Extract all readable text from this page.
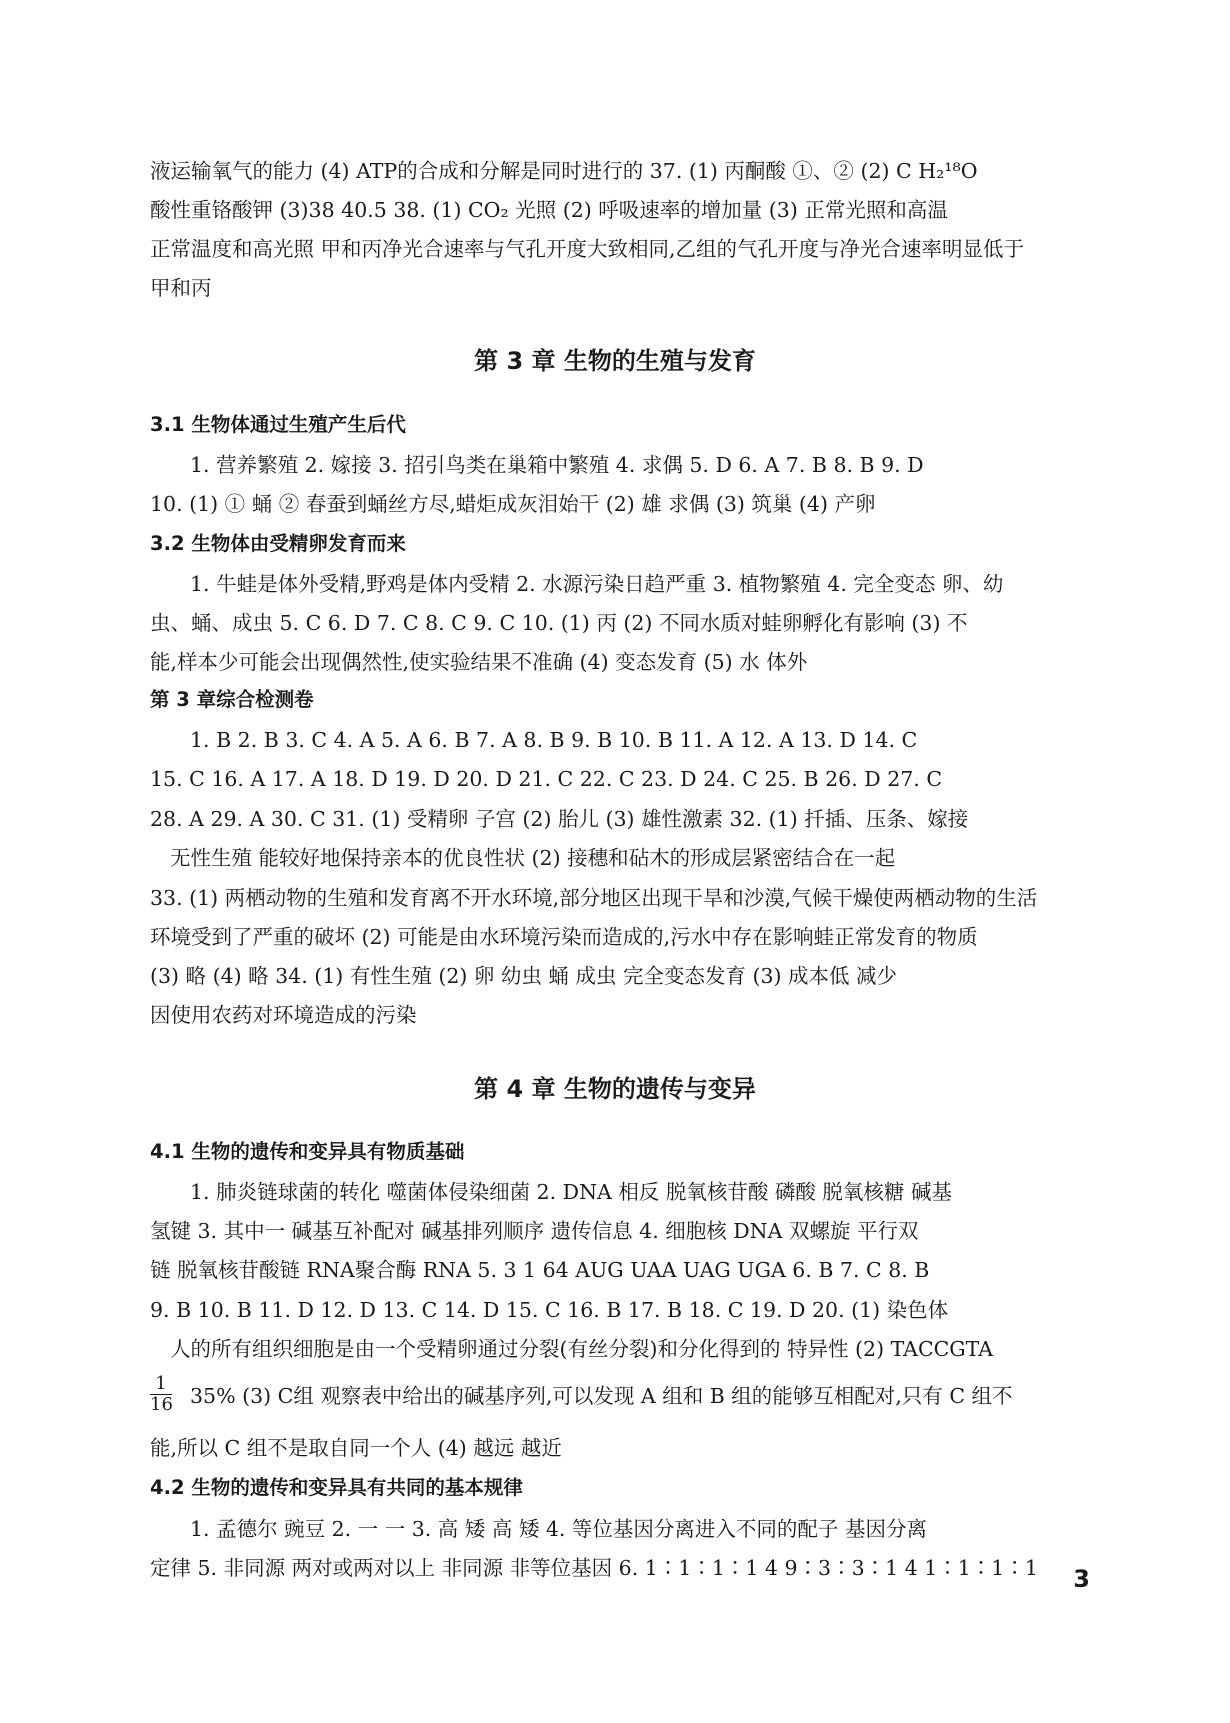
液运输氧气的能力 (4) ATP的合成和分解是同时进行的 37. (1) 丙酮酸 ①、② (2) C H₂¹⁸O
酸性重铬酸钾 (3)38 40.5 38. (1) CO₂ 光照 (2) 呼吸速率的增加量 (3) 正常光照和高温
正常温度和高光照 甲和丙净光合速率与气孔开度大致相同,乙组的气孔开度与净光合速率明显低于
甲和丙
第 3 章 生物的生殖与发育
3.1 生物体通过生殖产生后代
1. 营养繁殖 2. 嫁接 3. 招引鸟类在巢箱中繁殖 4. 求偶 5. D 6. A 7. B 8. B 9. D
10. (1) ① 蛹 ② 春蚕到蛹丝方尽,蜡炬成灰泪始干 (2) 雄 求偶 (3) 筑巢 (4) 产卵
3.2 生物体由受精卵发育而来
1. 牛蛙是体外受精,野鸡是体内受精 2. 水源污染日趋严重 3. 植物繁殖 4. 完全变态 卵、幼
虫、蛹、成虫 5. C 6. D 7. C 8. C 9. C 10. (1) 丙 (2) 不同水质对蛙卵孵化有影响 (3) 不
能,样本少可能会出现偶然性,使实验结果不准确 (4) 变态发育 (5) 水 体外
第 3 章综合检测卷
1. B 2. B 3. C 4. A 5. A 6. B 7. A 8. B 9. B 10. B 11. A 12. A 13. D 14. C
15. C 16. A 17. A 18. D 19. D 20. D 21. C 22. C 23. D 24. C 25. B 26. D 27. C
28. A 29. A 30. C 31. (1) 受精卵 子宫 (2) 胎儿 (3) 雄性激素 32. (1) 扦插、压条、嫁接
无性生殖 能较好地保持亲本的优良性状 (2) 接穗和砧木的形成层紧密结合在一起
33. (1) 两栖动物的生殖和发育离不开水环境,部分地区出现干旱和沙漠,气候干燥使两栖动物的生活
环境受到了严重的破坏 (2) 可能是由水环境污染而造成的,污水中存在影响蛙正常发育的物质
(3) 略 (4) 略 34. (1) 有性生殖 (2) 卵 幼虫 蛹 成虫 完全变态发育 (3) 成本低 减少
因使用农药对环境造成的污染
第 4 章 生物的遗传与变异
4.1 生物的遗传和变异具有物质基础
1. 肺炎链球菌的转化 噬菌体侵染细菌 2. DNA 相反 脱氧核苷酸 磷酸 脱氧核糖 碱基
氢键 3. 其中一 碱基互补配对 碱基排列顺序 遗传信息 4. 细胞核 DNA 双螺旋 平行双
链 脱氧核苷酸链 RNA聚合酶 RNA 5. 3 1 64 AUG UAA UAG UGA 6. B 7. C 8. B
9. B 10. B 11. D 12. D 13. C 14. D 15. C 16. B 17. B 18. C 19. D 20. (1) 染色体
人的所有组织细胞是由一个受精卵通过分裂(有丝分裂)和分化得到的 特异性 (2) TACCGTA
$\frac{1}{16} 35\%$ (3) C组 观察表中给出的碱基序列,可以发现 A 组和 B 组的能够互相配对,只有 C 组不
能,所以 C 组不是取自同一个人 (4) 越远 越近
4.2 生物的遗传和变异具有共同的基本规律
1. 孟德尔 豌豆 2. 一 一 3. 高 矮 高 矮 4. 等位基因分离进入不同的配子 基因分离
定律 5. 非同源 两对或两对以上 非同源 非等位基因 6. 1∶1∶1∶1 4 9∶3∶3∶1 4 1∶1∶1∶1	3
